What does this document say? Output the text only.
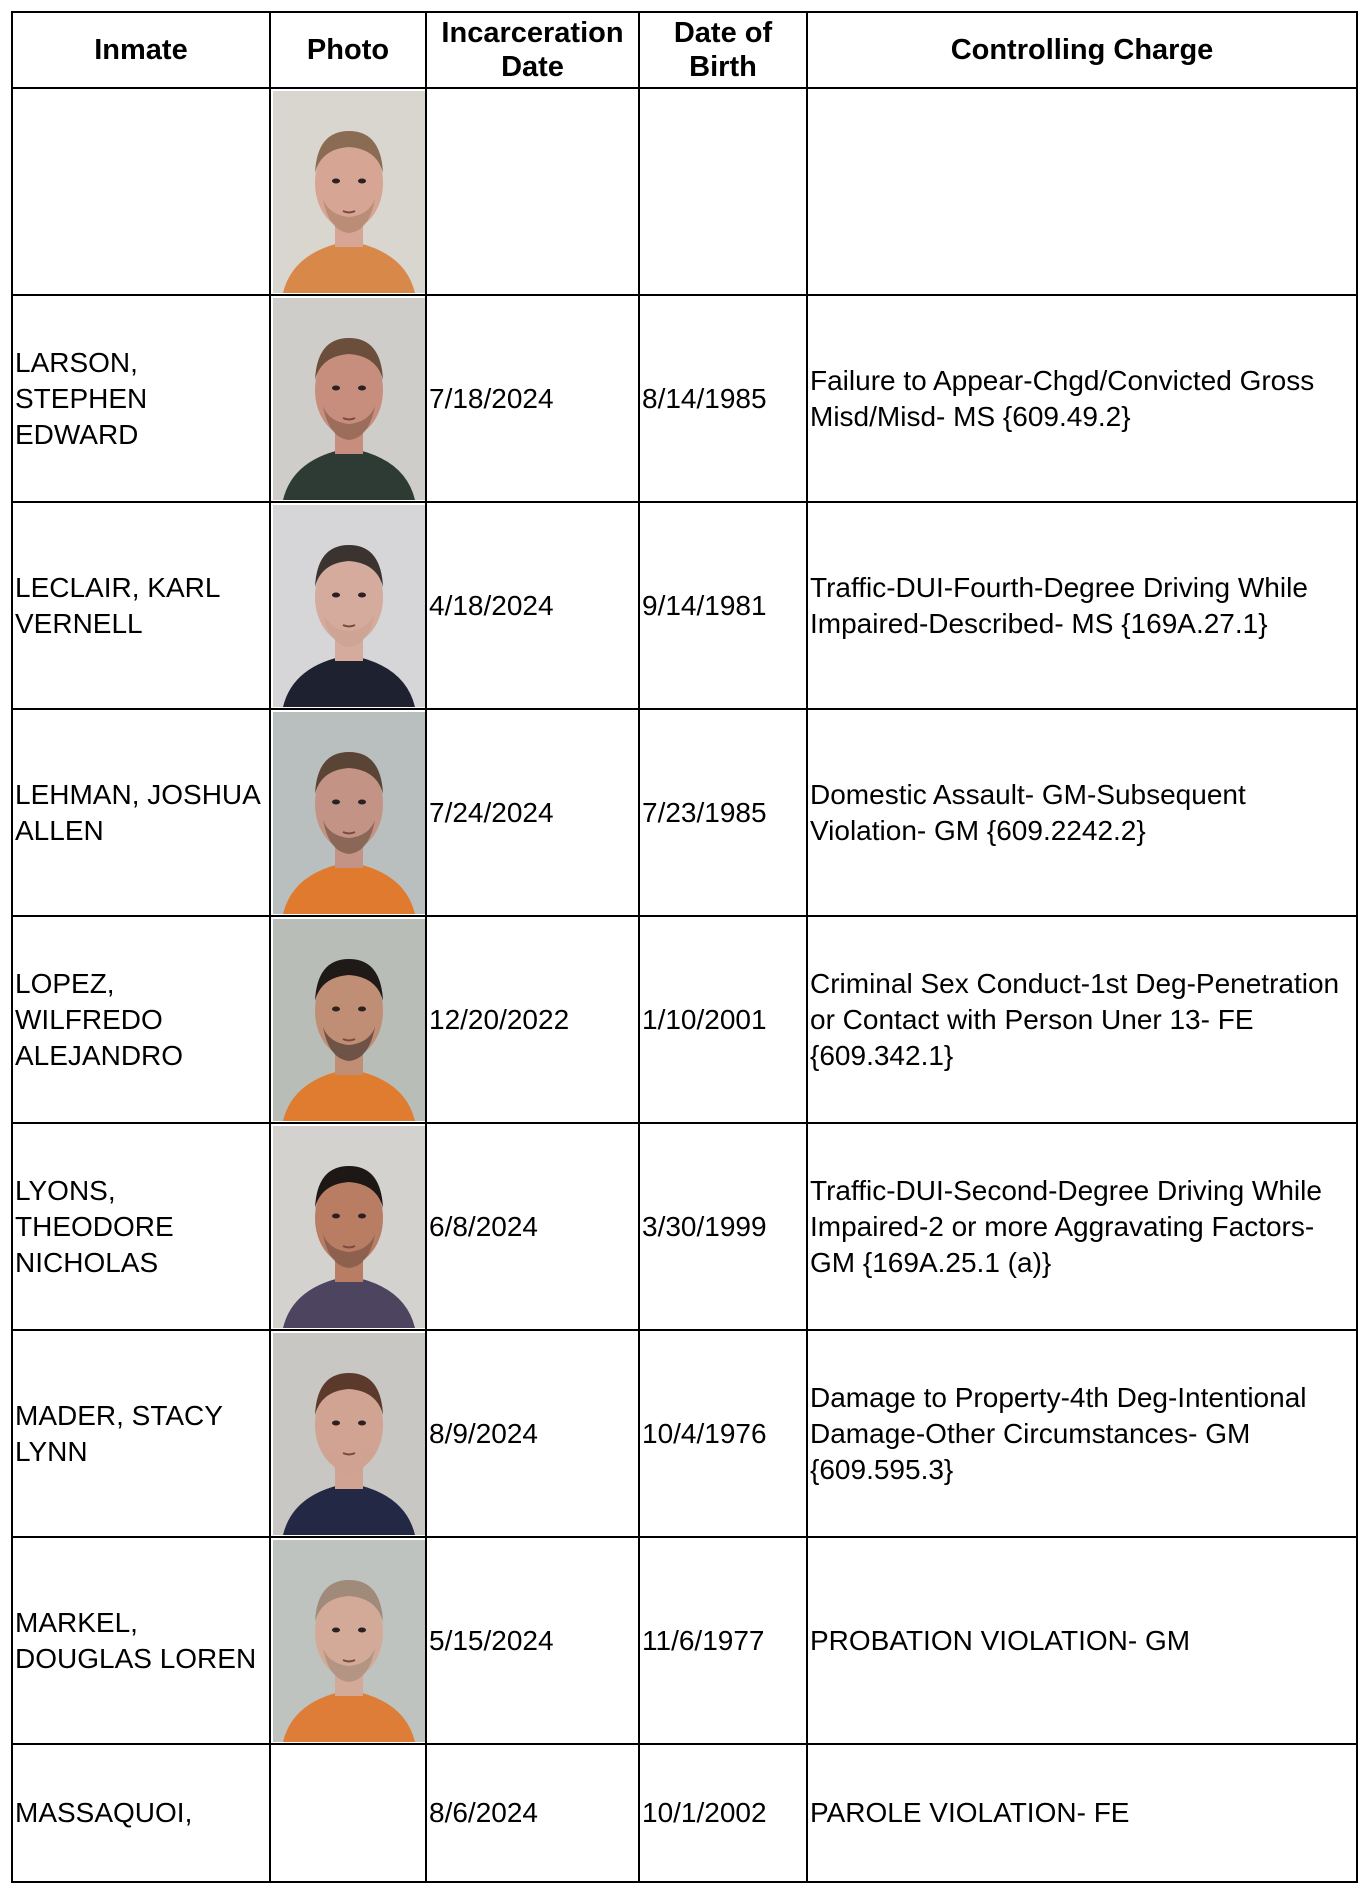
Inmate	Photo	Incarceration Date	Date of Birth	Controlling Charge

LARSON, STEPHEN EDWARD		7/18/2024	8/14/1985	Failure to Appear-Chgd/Convicted Gross Misd/Misd- MS {609.49.2}
LECLAIR, KARL VERNELL		4/18/2024	9/14/1981	Traffic-DUI-Fourth-Degree Driving While Impaired-Described- MS {169A.27.1}
LEHMAN, JOSHUA ALLEN		7/24/2024	7/23/1985	Domestic Assault- GM-Subsequent Violation- GM {609.2242.2}
LOPEZ, WILFREDO ALEJANDRO		12/20/2022	1/10/2001	Criminal Sex Conduct-1st Deg-Penetration or Contact with Person Uner 13- FE {609.342.1}
LYONS, THEODORE NICHOLAS		6/8/2024	3/30/1999	Traffic-DUI-Second-Degree Driving While Impaired-2 or more Aggravating Factors- GM {169A.25.1 (a)}
MADER, STACY LYNN		8/9/2024	10/4/1976	Damage to Property-4th Deg-Intentional Damage-Other Circumstances- GM {609.595.3}
MARKEL, DOUGLAS LOREN		5/15/2024	11/6/1977	PROBATION VIOLATION- GM
MASSAQUOI,		8/6/2024	10/1/2002	PAROLE VIOLATION- FE
